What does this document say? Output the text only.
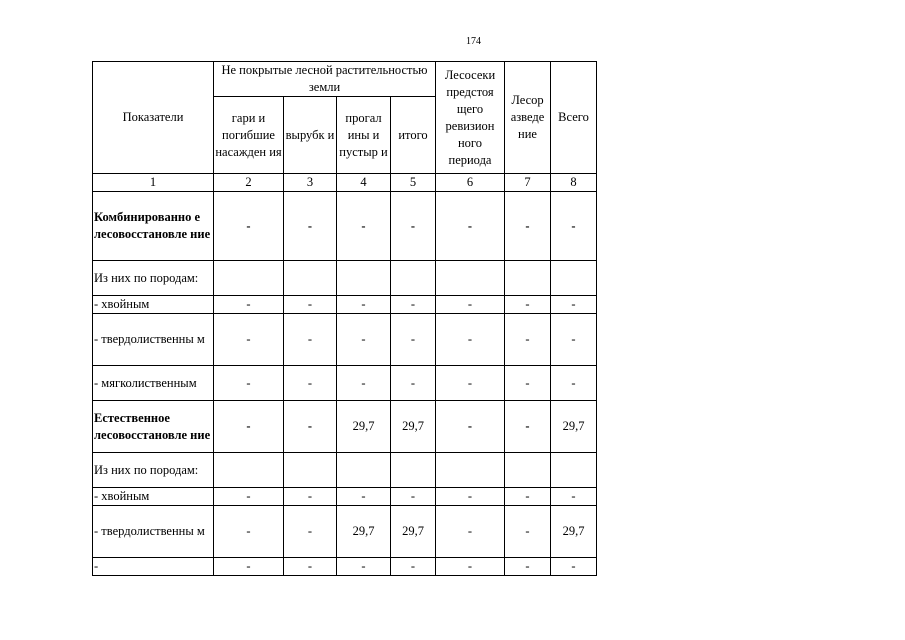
174
Показатели	Не покрытые лесной растительностью земли				Лесосеки предстоя щего ревизион ного периода	Лесор азведе ние	Всего
	гари и погибшие насажден ия	вырубк и	прогал ины и пустыр и	итого			
1	2	3	4	5	6	7	8
Комбинированно е лесовосстановле ние	-	-	-	-	-	-	-
Из них по породам:							
- хвойным	-	-	-	-	-	-	-
- твердолиственны м	-	-	-	-	-	-	-
- мягколиственным	-	-	-	-	-	-	-
Естественное лесовосстановле ние	-	-	29,7	29,7	-	-	29,7
Из них по породам:							
- хвойным	-	-	-	-	-	-	-
- твердолиственны м	-	-	29,7	29,7	-	-	29,7
-	-	-	-	-	-	-	-
